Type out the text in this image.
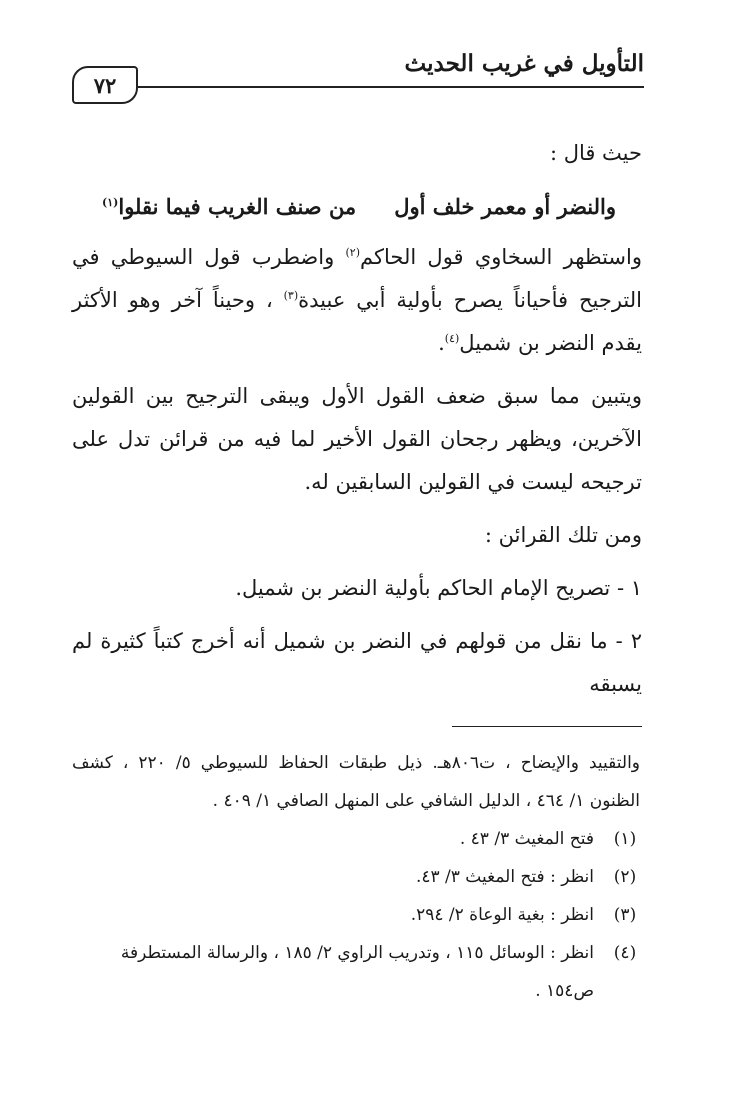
التأويل في غريب الحديث
٧٢

حيث قال :

والنضر أو معمر خلف أول
من صنف الغريب فيما نقلوا$^{(١)}$

واستظهر السخاوي قول الحاكم$^{(٢)}$ واضطرب قول السيوطي في الترجيح فأحياناً يصرح بأولية أبي عبيدة$^{(٣)}$ ، وحيناً آخر وهو الأكثر يقدم النضر بن شميل$^{(٤)}$.

ويتبين مما سبق ضعف القول الأول ويبقى الترجيح بين القولين الآخرين، ويظهر رجحان القول الأخير لما فيه من قرائن تدل على ترجيحه ليست في القولين السابقين له.

ومن تلك القرائن :

١ - تصريح الإمام الحاكم بأولية النضر بن شميل.

٢ - ما نقل من قولهم في النضر بن شميل أنه أخرج كتباً كثيرة لم يسبقه

والتقييد والإيضاح ، ت٨٠٦هـ. ذيل طبقات الحفاظ للسيوطي ٥/ ٢٢٠ ، كشف الظنون ١/ ٤٦٤ ، الدليل الشافي على المنهل الصافي ١/ ٤٠٩ .

(١)
فتح المغيث ٣/ ٤٣ .
(٢)
انظر : فتح المغيث ٣/ ٤٣.
(٣)
انظر : بغية الوعاة ٢/ ٢٩٤.
(٤)
انظر : الوسائل ١١٥ ، وتدريب الراوي ٢/ ١٨٥ ، والرسالة المستطرفة ص١٥٤ .
